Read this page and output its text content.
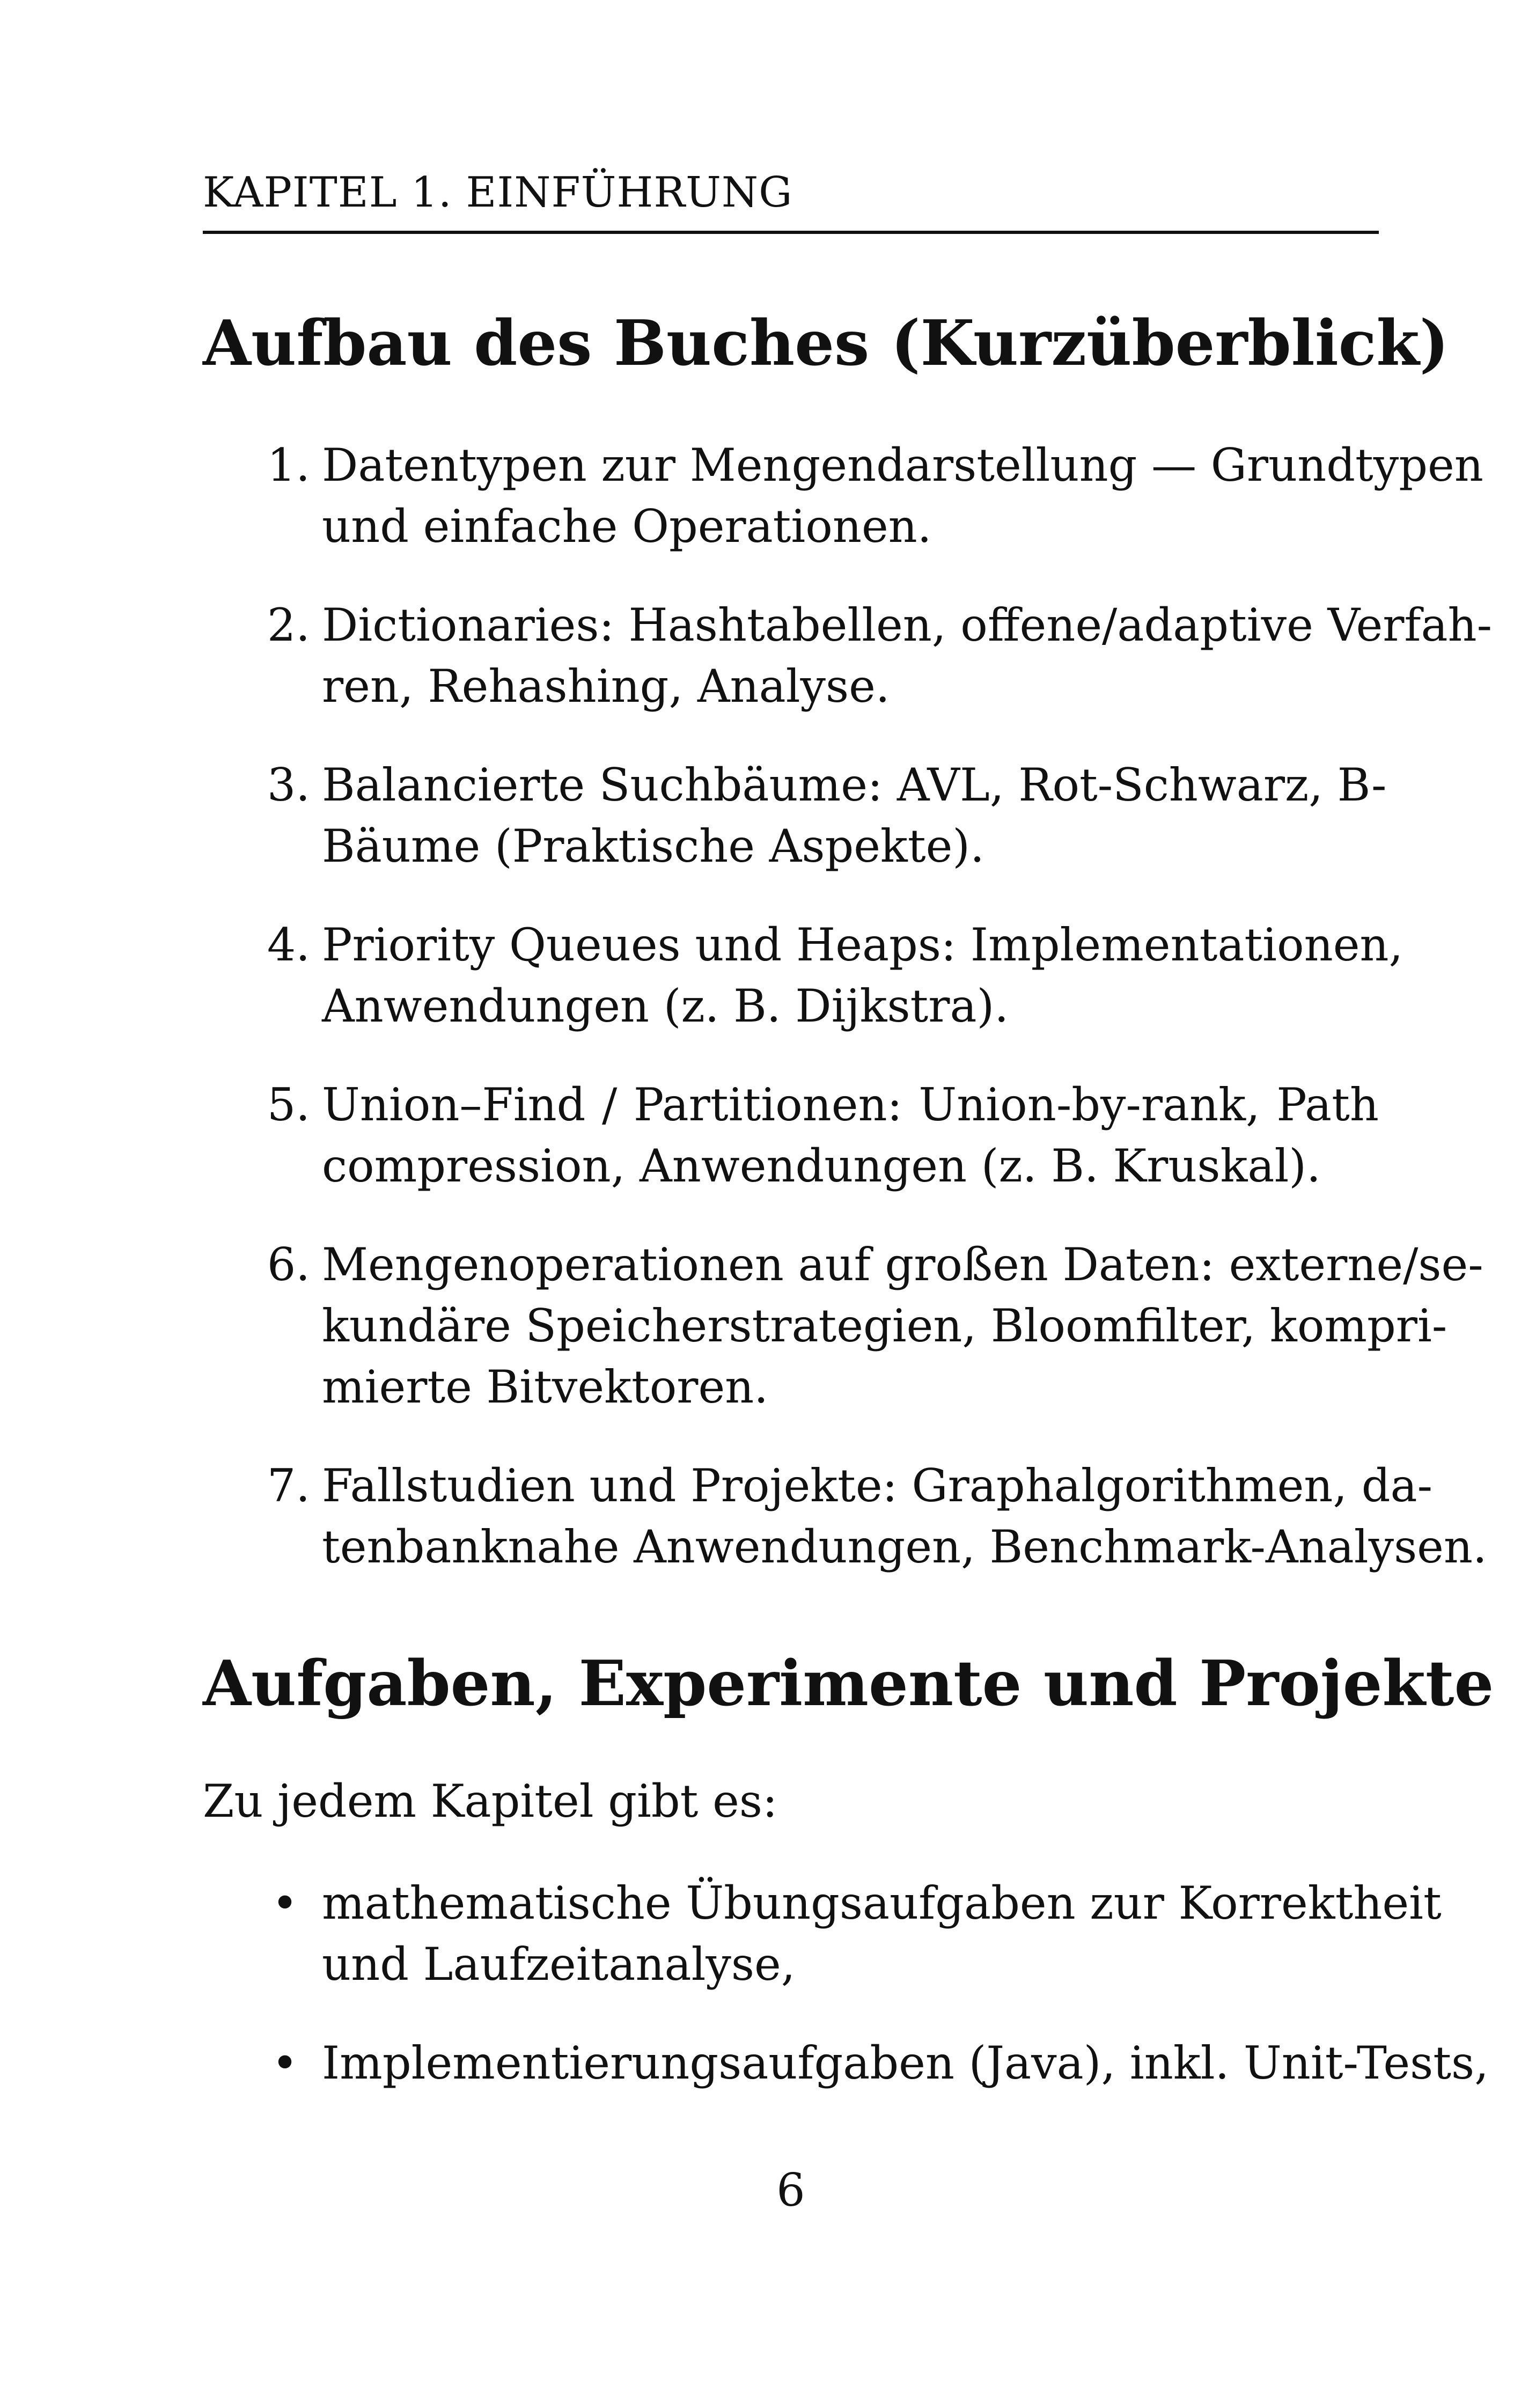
KAPITEL 1. EINFÜHRUNG
Aufbau des Buches (Kurzüberblick)
1. Datentypen zur Mengendarstellung — Grundtypen
und einfache Operationen.
2. Dictionaries: Hashtabellen, offene/adaptive Verfah-
ren, Rehashing, Analyse.
3. Balancierte Suchbäume: AVL, Rot-Schwarz, B-
Bäume (Praktische Aspekte).
4. Priority Queues und Heaps: Implementationen,
Anwendungen (z. B. Dijkstra).
5. Union–Find / Partitionen: Union-by-rank, Path
compression, Anwendungen (z. B. Kruskal).
6. Mengenoperationen auf großen Daten: externe/se-
kundäre Speicherstrategien, Bloomfilter, kompri-
mierte Bitvektoren.
7. Fallstudien und Projekte: Graphalgorithmen, da-
tenbanknahe Anwendungen, Benchmark-Analysen.
Aufgaben, Experimente und Projekte

Zu jedem Kapitel gibt es:

• mathematische Übungsaufgaben zur Korrektheit
und Laufzeitanalyse,
• Implementierungsaufgaben (Java), inkl. Unit-Tests,
6
